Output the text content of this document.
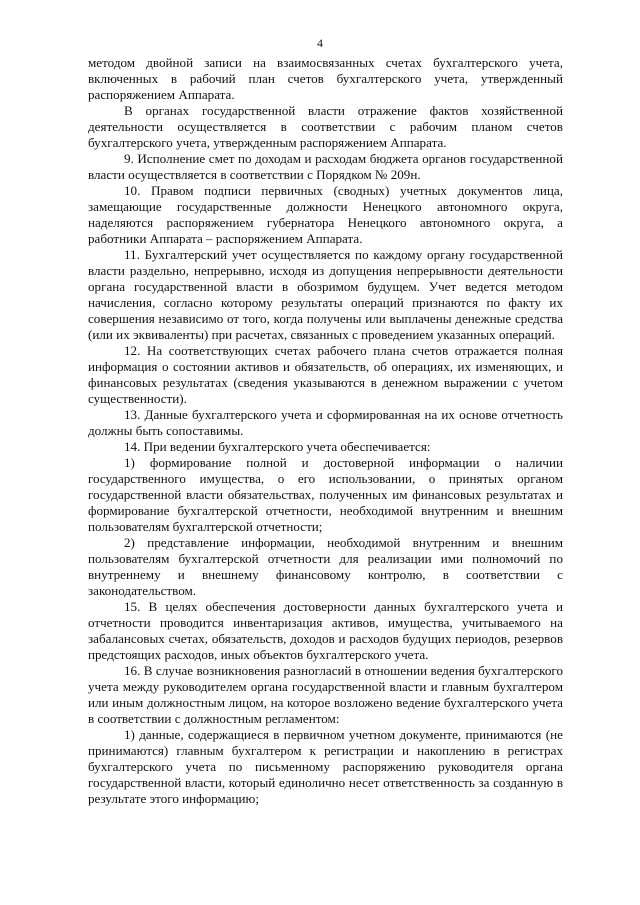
4

методом двойной записи на взаимосвязанных счетах бухгалтерского учета, включенных в рабочий план счетов бухгалтерского учета, утвержденный распоряжением Аппарата.

В органах государственной власти отражение фактов хозяйственной деятельности осуществляется в соответствии с рабочим планом счетов бухгалтерского учета, утвержденным распоряжением Аппарата.

9. Исполнение смет по доходам и расходам бюджета органов государственной власти осуществляется в соответствии с Порядком № 209н.

10. Правом подписи первичных (сводных) учетных документов лица, замещающие государственные должности Ненецкого автономного округа, наделяются распоряжением губернатора Ненецкого автономного округа, а работники Аппарата – распоряжением Аппарата.

11. Бухгалтерский учет осуществляется по каждому органу государственной власти раздельно, непрерывно, исходя из допущения непрерывности деятельности органа государственной власти в обозримом будущем. Учет ведется методом начисления, согласно которому результаты операций признаются по факту их совершения независимо от того, когда получены или выплачены денежные средства (или их эквиваленты) при расчетах, связанных с проведением указанных операций.

12. На соответствующих счетах рабочего плана счетов отражается полная информация о состоянии активов и обязательств, об операциях, их изменяющих, и финансовых результатах (сведения указываются в денежном выражении с учетом существенности).

13. Данные бухгалтерского учета и сформированная на их основе отчетность должны быть сопоставимы.

14. При ведении бухгалтерского учета обеспечивается:

1) формирование полной и достоверной информации о наличии государственного имущества, о его использовании, о принятых органом государственной власти обязательствах, полученных им финансовых результатах и формирование бухгалтерской отчетности, необходимой внутренним и внешним пользователям бухгалтерской отчетности;

2) представление информации, необходимой внутренним и внешним пользователям бухгалтерской отчетности для реализации ими полномочий по внутреннему и внешнему финансовому контролю, в соответствии с законодательством.

15. В целях обеспечения достоверности данных бухгалтерского учета и отчетности проводится инвентаризация активов, имущества, учитываемого на забалансовых счетах, обязательств, доходов и расходов будущих периодов, резервов предстоящих расходов, иных объектов бухгалтерского учета.

16. В случае возникновения разногласий в отношении ведения бухгалтерского учета между руководителем органа государственной власти и главным бухгалтером или иным должностным лицом, на которое возложено ведение бухгалтерского учета в соответствии с должностным регламентом:

1) данные, содержащиеся в первичном учетном документе, принимаются (не принимаются) главным бухгалтером к регистрации и накоплению в регистрах бухгалтерского учета по письменному распоряжению руководителя органа государственной власти, который единолично несет ответственность за созданную в результате этого информацию;
